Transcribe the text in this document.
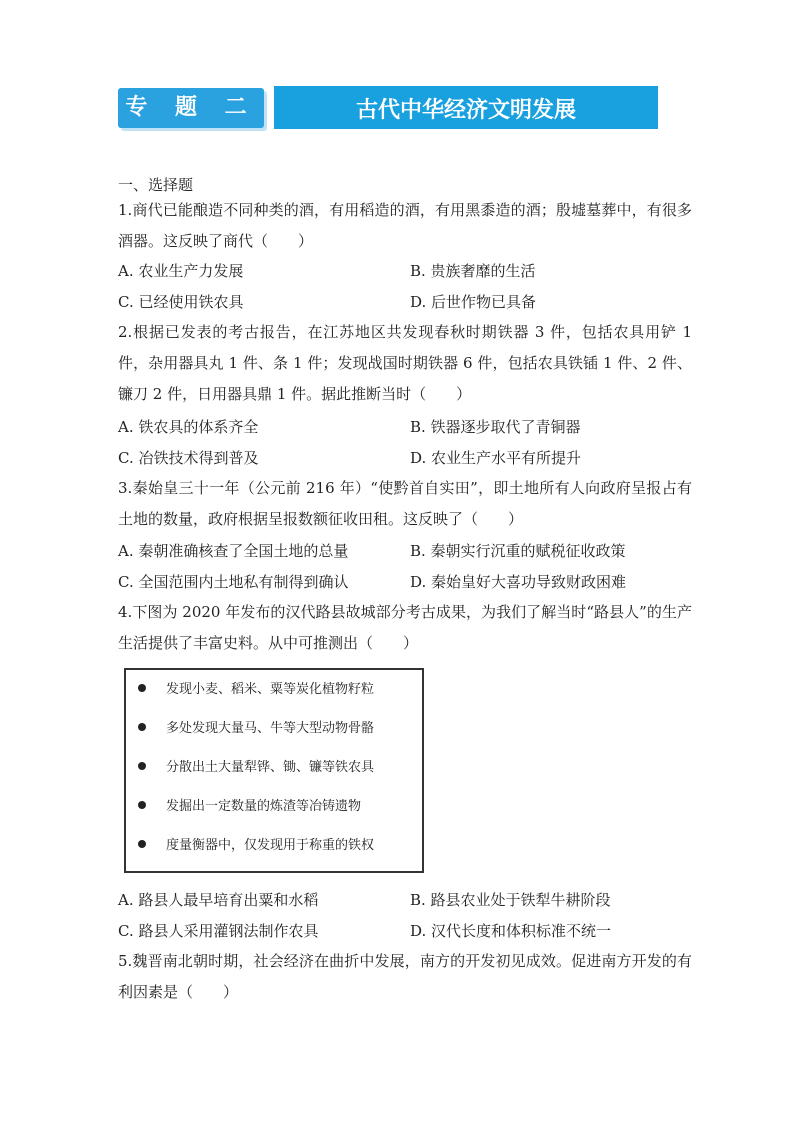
专 题 二	古代中华经济文明发展
一、选择题
1.商代已能酿造不同种类的酒，有用稻造的酒，有用黑黍造的酒；殷墟墓葬中，有很多酒器。这反映了商代（　　）
A. 农业生产力发展	B. 贵族奢靡的生活
C. 已经使用铁农具	D. 后世作物已具备
2.根据已发表的考古报告，在江苏地区共发现春秋时期铁器 3 件，包括农具用铲 1 件，杂用器具丸 1 件、条 1 件；发现战国时期铁器 6 件，包括农具铁锸 1 件、2 件、镰刀 2 件，日用器具鼎 1 件。据此推断当时（　　）
A. 铁农具的体系齐全	B. 铁器逐步取代了青铜器
C. 冶铁技术得到普及	D. 农业生产水平有所提升
3.秦始皇三十一年（公元前 216 年）“使黔首自实田”，即土地所有人向政府呈报占有土地的数量，政府根据呈报数额征收田租。这反映了（　　）
A. 秦朝准确核查了全国土地的总量	B. 秦朝实行沉重的赋税征收政策
C. 全国范围内土地私有制得到确认	D. 秦始皇好大喜功导致财政困难
4.下图为 2020 年发布的汉代路县故城部分考古成果，为我们了解当时“路县人”的生产生活提供了丰富史料。从中可推测出（　　）
发现小麦、稻米、粟等炭化植物籽粒
多处发现大量马、牛等大型动物骨骼
分散出土大量犁铧、锄、镰等铁农具
发掘出一定数量的炼渣等冶铸遗物
度量衡器中，仅发现用于称重的铁权
A. 路县人最早培育出粟和水稻	B. 路县农业处于铁犁牛耕阶段
C. 路县人采用灌钢法制作农具	D. 汉代长度和体积标准不统一
5.魏晋南北朝时期，社会经济在曲折中发展，南方的开发初见成效。促进南方开发的有利因素是（　　）
